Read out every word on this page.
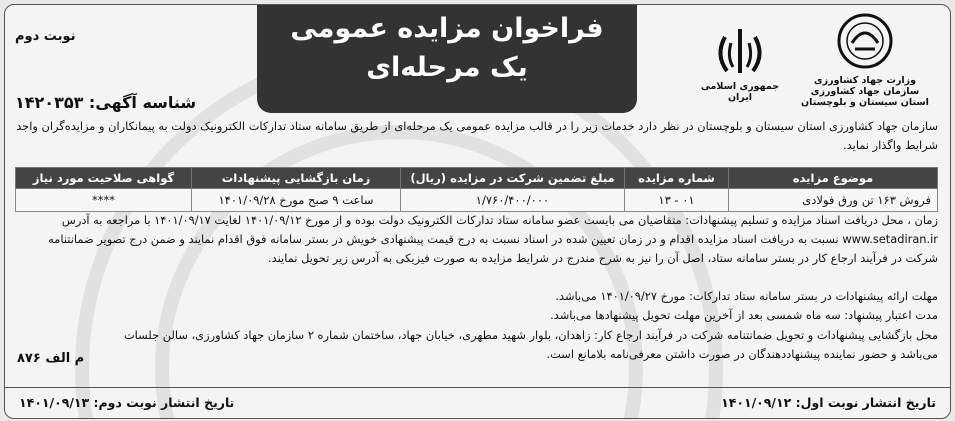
فراخوان مزایده عمومی
یک مرحله‌ای	وزارت جهاد کشاورزی
سازمان جهاد کشاورزی
استان سیستان و بلوچستان
جمهوری اسلامی ایران
نوبت دوم
شناسه آگهی: ۱۴۲۰۳۵۳
سازمان جهاد کشاورزی استان سیستان و بلوچستان در نظر دارد خدمات زیر را در قالب مزایده عمومی یک مرحله‌ای از طریق سامانه ستاد تدارکات الکترونیک دولت به پیمانکاران و مزایده‌گران واجد شرایط واگذار نماید.
موضوع مزایده	شماره مزایده	مبلغ تضمین شرکت در مزایده (ریال)	زمان بازگشایی پیشنهادات	گواهی صلاحیت مورد نیاز
فروش ۱۶۳ تن ورق فولادی	۰۱ - ۱۳	۱/۷۶۰/۴۰۰/۰۰۰	ساعت ۹ صبح مورخ ۱۴۰۱/۰۹/۲۸	****
زمان ، محل دریافت اسناد مزایده و تسلیم پیشنهادات: متقاضیان می بایست عضو سامانه ستاد تدارکات الکترونیک دولت بوده و از مورخ ۱۴۰۱/۰۹/۱۲ لغایت ۱۴۰۱/۰۹/۱۷ با مراجعه به آدرس www.setadiran.ir نسبت به دریافت اسناد مزایده اقدام و در زمان تعیین شده در اسناد نسبت به درج قیمت پیشنهادی خویش در بستر سامانه فوق اقدام نمایند و ضمن درج تصویر ضمانتنامه شرکت در فرآیند ارجاع کار در بستر سامانه ستاد، اصل آن را نیز به شرح مندرج در شرایط مزایده به صورت فیزیکی به آدرس زیر تحویل نمایند.
مهلت ارائه پیشنهادات در بستر سامانه ستاد تدارکات: مورخ ۱۴۰۱/۰۹/۲۷ می‌باشد.
مدت اعتبار پیشنهاد: سه ماه شمسی بعد از آخرین مهلت تحویل پیشنهادها می‌باشد.
محل بازگشایی پیشنهادات و تحویل ضمانتنامه شرکت در فرآیند ارجاع کار: زاهدان، بلوار شهید مطهری، خیابان جهاد، ساختمان شماره ۲ سازمان جهاد کشاورزی، سالن جلسات می‌باشد و حضور نماینده پیشنهاددهندگان در صورت داشتن معرفی‌نامه بلامانع است.
م الف ۸۷۶
تاریخ انتشار نوبت اول: ۱۴۰۱/۰۹/۱۲
تاریخ انتشار نوبت دوم: ۱۴۰۱/۰۹/۱۳
